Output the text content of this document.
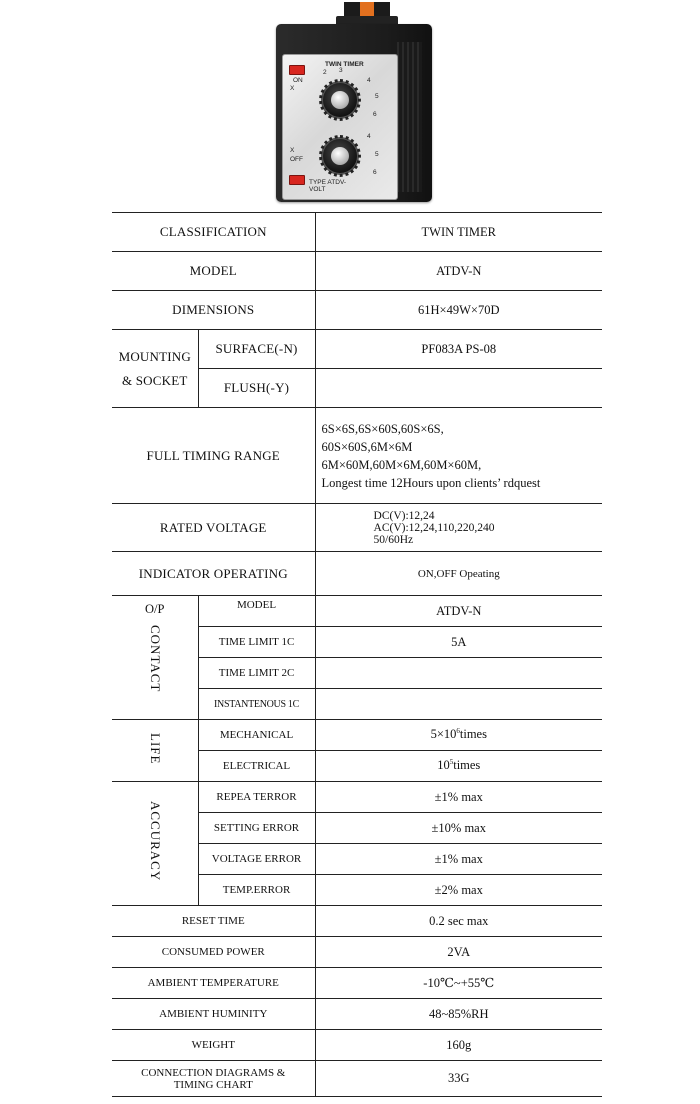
ON
X
TWIN TIMER
2 3
4
5
6
4
5
6
X
OFF
TYPE ATDV-
VOLT
CLASSIFICATION		TWIN TIMER
MODEL		ATDV-N
DIMENSIONS		61H×49W×70D

MOUNTING
& SOCKET	SURFACE(-N)	PF083A PS-08
	FLUSH(-Y)	
FULL TIMING RANGE		6S×6S,6S×60S,60S×6S,
60S×60S,6M×6M
6M×60M,60M×6M,60M×60M,
Longest time 12Hours upon clients’ rdquest

RATED VOLTAGE		DC(V):12,24
AC(V):12,24,110,220,240
50/60Hz

INDICATOR OPERATING		ON,OFF Opeating

O/P
CONTACT	MODEL	ATDV-N
	TIME LIMIT 1C	5A
	TIME LIMIT 2C	
	INSTANTENOUS 1C	
LIFE	MECHANICAL	$5\times 10^6times$
	ELECTRICAL	$10^5times$
ACCURACY	REPEA TERROR	±1% max
	SETTING ERROR	±10% max
	VOLTAGE ERROR	±1% max
	TEMP.ERROR	±2% max
RESET TIME		0.2 sec max
CONSUMED POWER		2VA
AMBIENT TEMPERATURE		-10℃~+55℃
AMBIENT HUMINITY		48~85%RH
WEIGHT		160g

CONNECTION DIAGRAMS &
TIMING CHART		33G
